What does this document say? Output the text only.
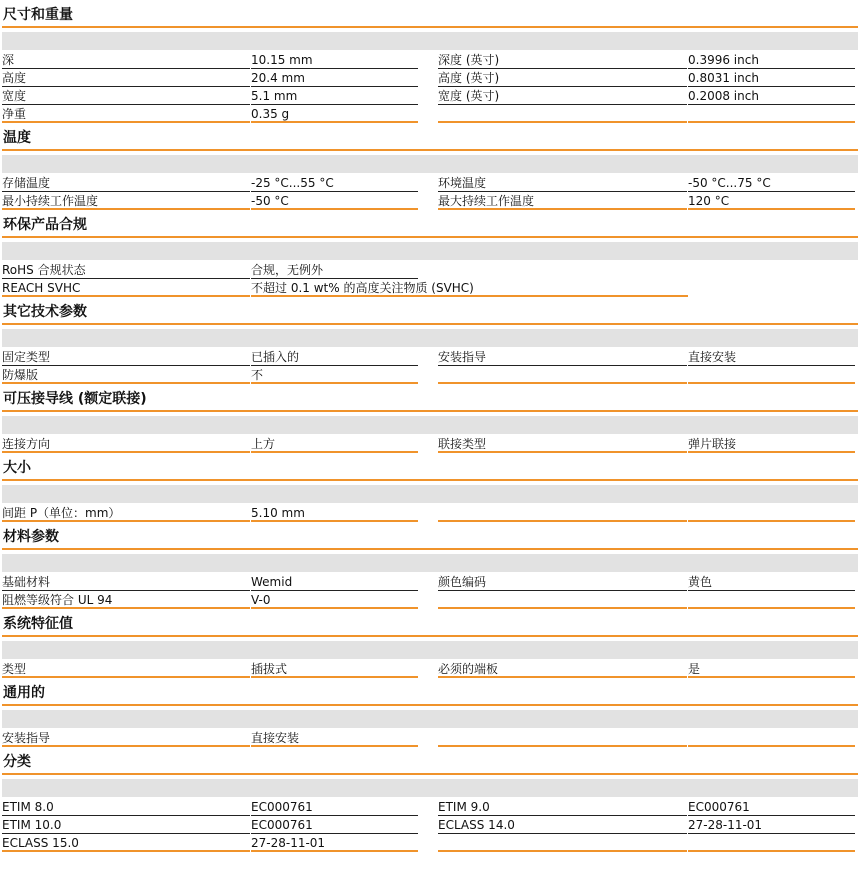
尺寸和重量
深	10.15 mm	深度 (英寸)	0.3996 inch
高度	20.4 mm	高度 (英寸)	0.8031 inch
宽度	5.1 mm	宽度 (英寸)	0.2008 inch
净重	0.35 g
温度
存储温度	-25 °C...55 °C	环境温度	-50 °C...75 °C
最小持续工作温度	-50 °C	最大持续工作温度	120 °C
环保产品合规
RoHS 合规状态	合规，无例外
REACH SVHC	不超过 0.1 wt% 的高度关注物质 (SVHC)
其它技术参数
固定类型	已插入的	安装指导	直接安装
防爆版	不
可压接导线 (额定联接)
连接方向	上方	联接类型	弹片联接
大小
间距 P（单位：mm）	5.10 mm
材料参数
基础材料	Wemid	颜色编码	黄色
阻燃等级符合 UL 94	V-0
系统特征值
类型	插拔式	必须的端板	是
通用的
安装指导	直接安装
分类
ETIM 8.0	EC000761	ETIM 9.0	EC000761
ETIM 10.0	EC000761	ECLASS 14.0	27-28-11-01
ECLASS 15.0	27-28-11-01
